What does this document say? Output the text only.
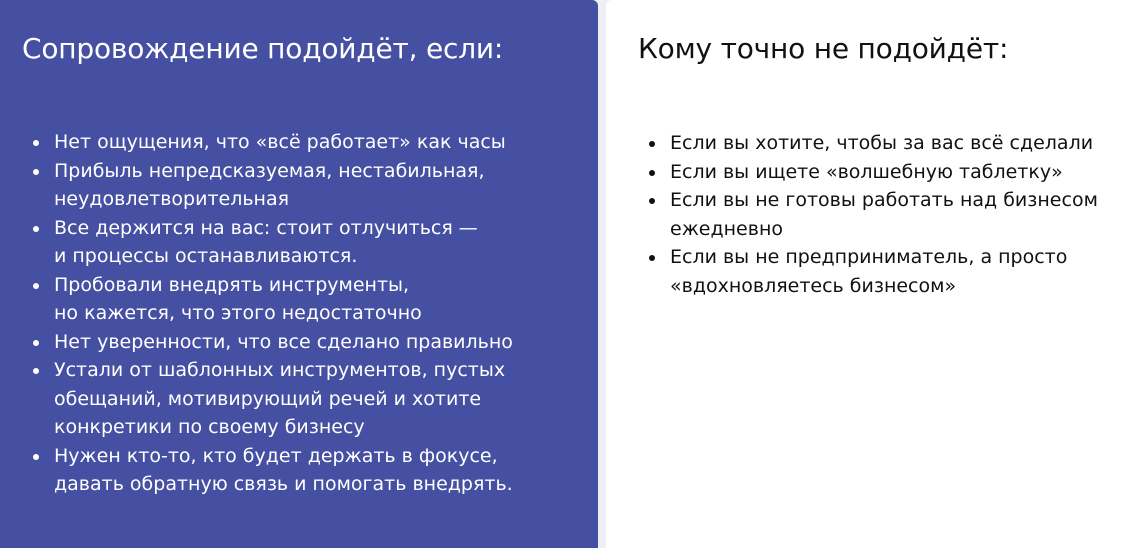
Сопровождение подойдёт, если:
Нет ощущения, что «всё работает» как часы
Прибыль непредсказуемая, нестабильная,
неудовлетворительная
Все держится на вас: стоит отлучиться —
и процессы останавливаются.
Пробовали внедрять инструменты,
но кажется, что этого недостаточно
Нет уверенности, что все сделано правильно
Устали от шаблонных инструментов, пустых
обещаний, мотивирующий речей и хотите
конкретики по своему бизнесу
Нужен кто-то, кто будет держать в фокусе,
давать обратную связь и помогать внедрять.
Кому точно не подойдёт:
Если вы хотите, чтобы за вас всё сделали
Если вы ищете «волшебную таблетку»
Если вы не готовы работать над бизнесом
ежедневно
Если вы не предприниматель, а просто
«вдохновляетесь бизнесом»
